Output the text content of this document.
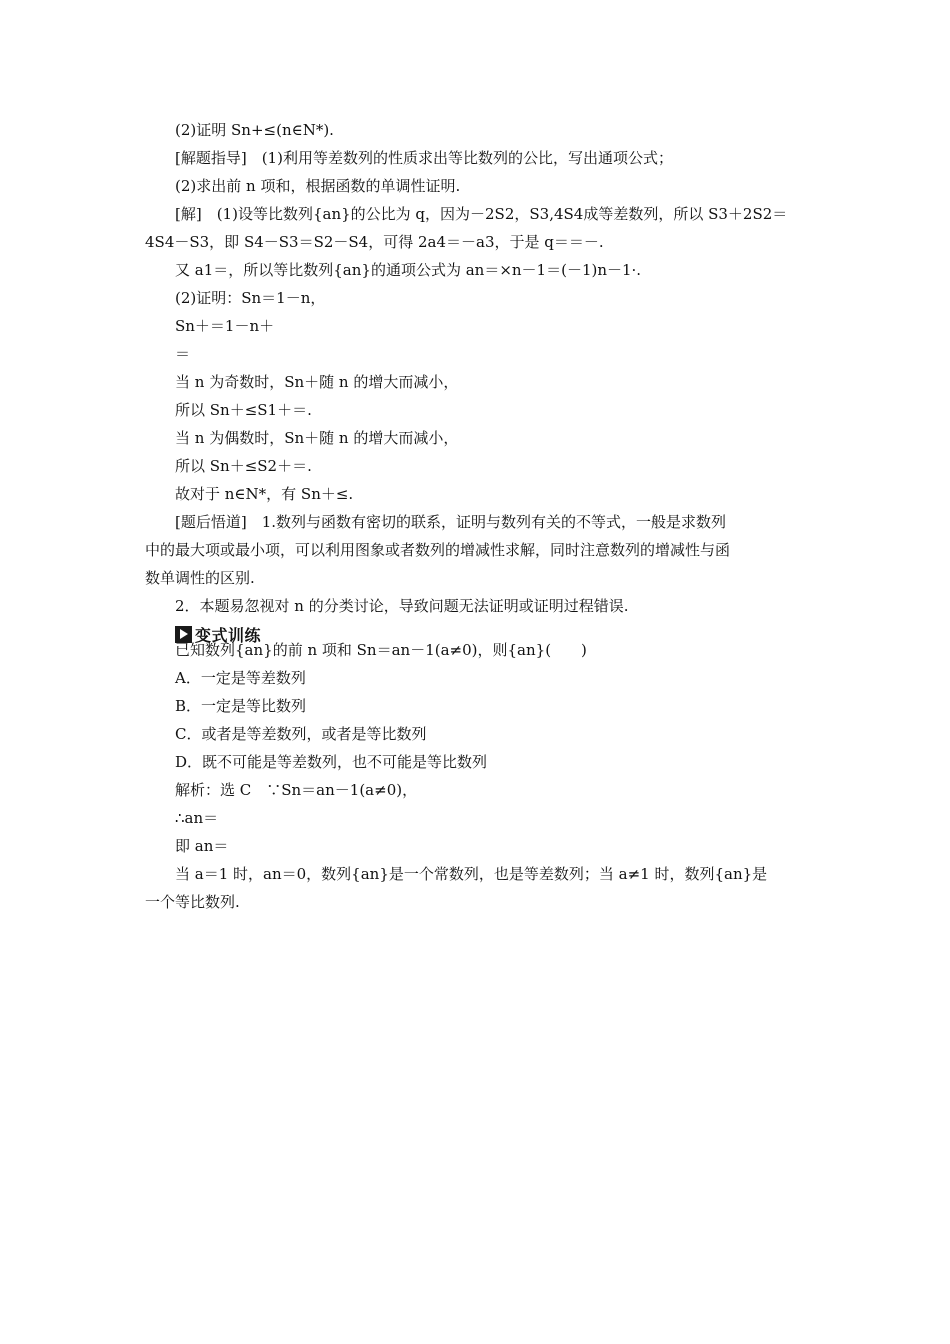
(2)证明 Sn+≤(n∈N*).
[解题指导]　(1)利用等差数列的性质求出等比数列的公比，写出通项公式；
(2)求出前 n 项和，根据函数的单调性证明.
[解]　(1)设等比数列{an}的公比为 q，因为－2S2，S3,4S4成等差数列，所以 S3＋2S2＝
4S4－S3，即 S4－S3＝S2－S4，可得 2a4＝－a3，于是 q＝＝－.
又 a1＝，所以等比数列{an}的通项公式为 an＝×n－1＝(－1)n－1·.
(2)证明：Sn＝1－n，
Sn＋＝1－n＋
＝
当 n 为奇数时，Sn＋随 n 的增大而减小，
所以 Sn＋≤S1＋＝.
当 n 为偶数时，Sn＋随 n 的增大而减小，
所以 Sn＋≤S2＋＝.
故对于 n∈N*，有 Sn＋≤.
[题后悟道]　1.数列与函数有密切的联系，证明与数列有关的不等式，一般是求数列
中的最大项或最小项，可以利用图象或者数列的增减性求解，同时注意数列的增减性与函
数单调性的区别.
2．本题易忽视对 n 的分类讨论，导致问题无法证明或证明过程错误.
变式训练
已知数列{an}的前 n 项和 Sn＝an－1(a≠0)，则{an}(　　)
A．一定是等差数列
B．一定是等比数列
C．或者是等差数列，或者是等比数列
D．既不可能是等差数列，也不可能是等比数列
解析：选 C　∵Sn＝an－1(a≠0)，
∴an＝
即 an＝
当 a＝1 时，an＝0，数列{an}是一个常数列，也是等差数列；当 a≠1 时，数列{an}是
一个等比数列.
